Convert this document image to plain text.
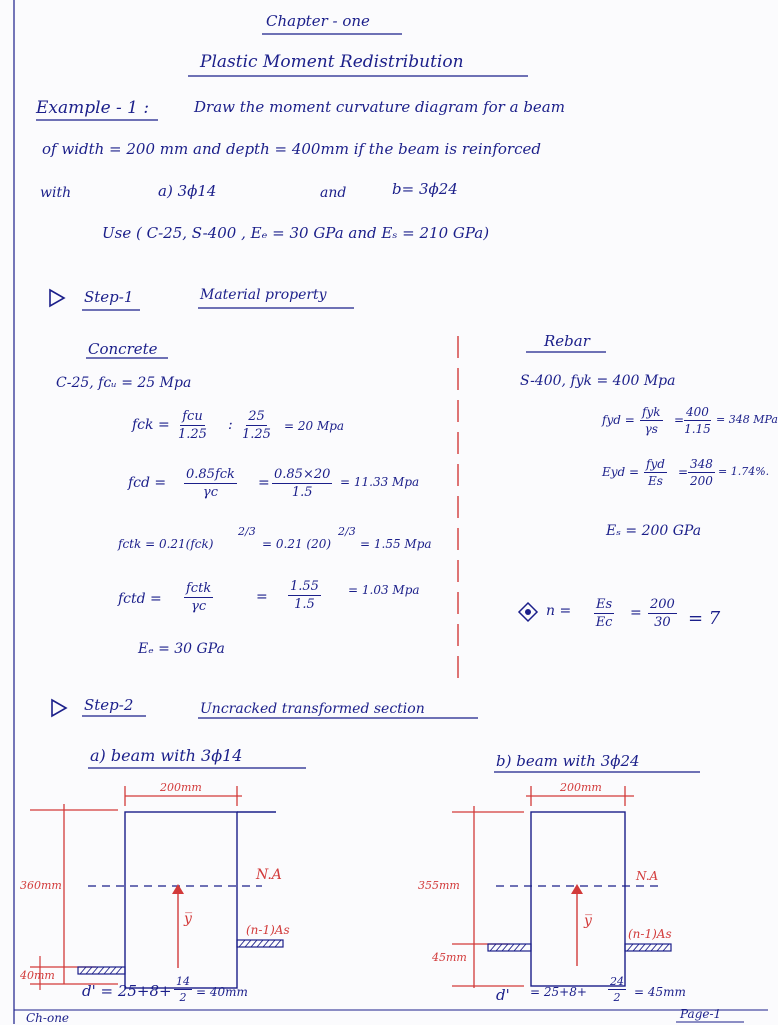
Chapter - one
Plastic Moment Redistribution
Example - 1 :	Draw the moment curvature diagram for a beam
of width = 200 mm and depth = 400mm if the beam is reinforced
with	a) 3ϕ14	and	b= 3ϕ24
Use ( C-25, S-400 , Eₑ = 30 GPa and Eₛ = 210 GPa)
Step-1	Material property
Concrete
C-25, fᴄᵤ = 25 Mpa
fck =
fcu
1.25
: $\frac{25}{1.25} = 20$ Mpa
fcd =
0.85fck
γc
= $\frac{0.85\times 20}{1.5} = 11.33$ Mpa
fctk = 0.21(fck)
2/3
= 0.21 (20)
2/3
= 1.55 Mpa
fctd =
fctk
γc
= $\frac{1.55}{1.5} = 1.03$ Mpa
Eₑ = 30 GPa
Rebar
S-400, fyk = 400 Mpa
fyd =
fyk
γs
= $\frac{400}{1.15} = 348$ MPa
Eyd =
fyd
Es
= $\frac{348}{200} = 1.74\%$.
Eₛ = 200 GPa
$n = \frac{Es}{Ec} = \frac{200}{30} = 7$
Step-2	Uncracked transformed section
a) beam with 3ϕ14
200mm
360mm
40mm
N.A
y̅
(n-1)As
$d' = 25+8+ \frac{14}{2} = 40mm$
b) beam with 3ϕ24
200mm
355mm
45mm
N.A
y̅
(n-1)As
$d' = 25+8+ \frac{24}{2} = 45mm$
Ch-one	Page-1
